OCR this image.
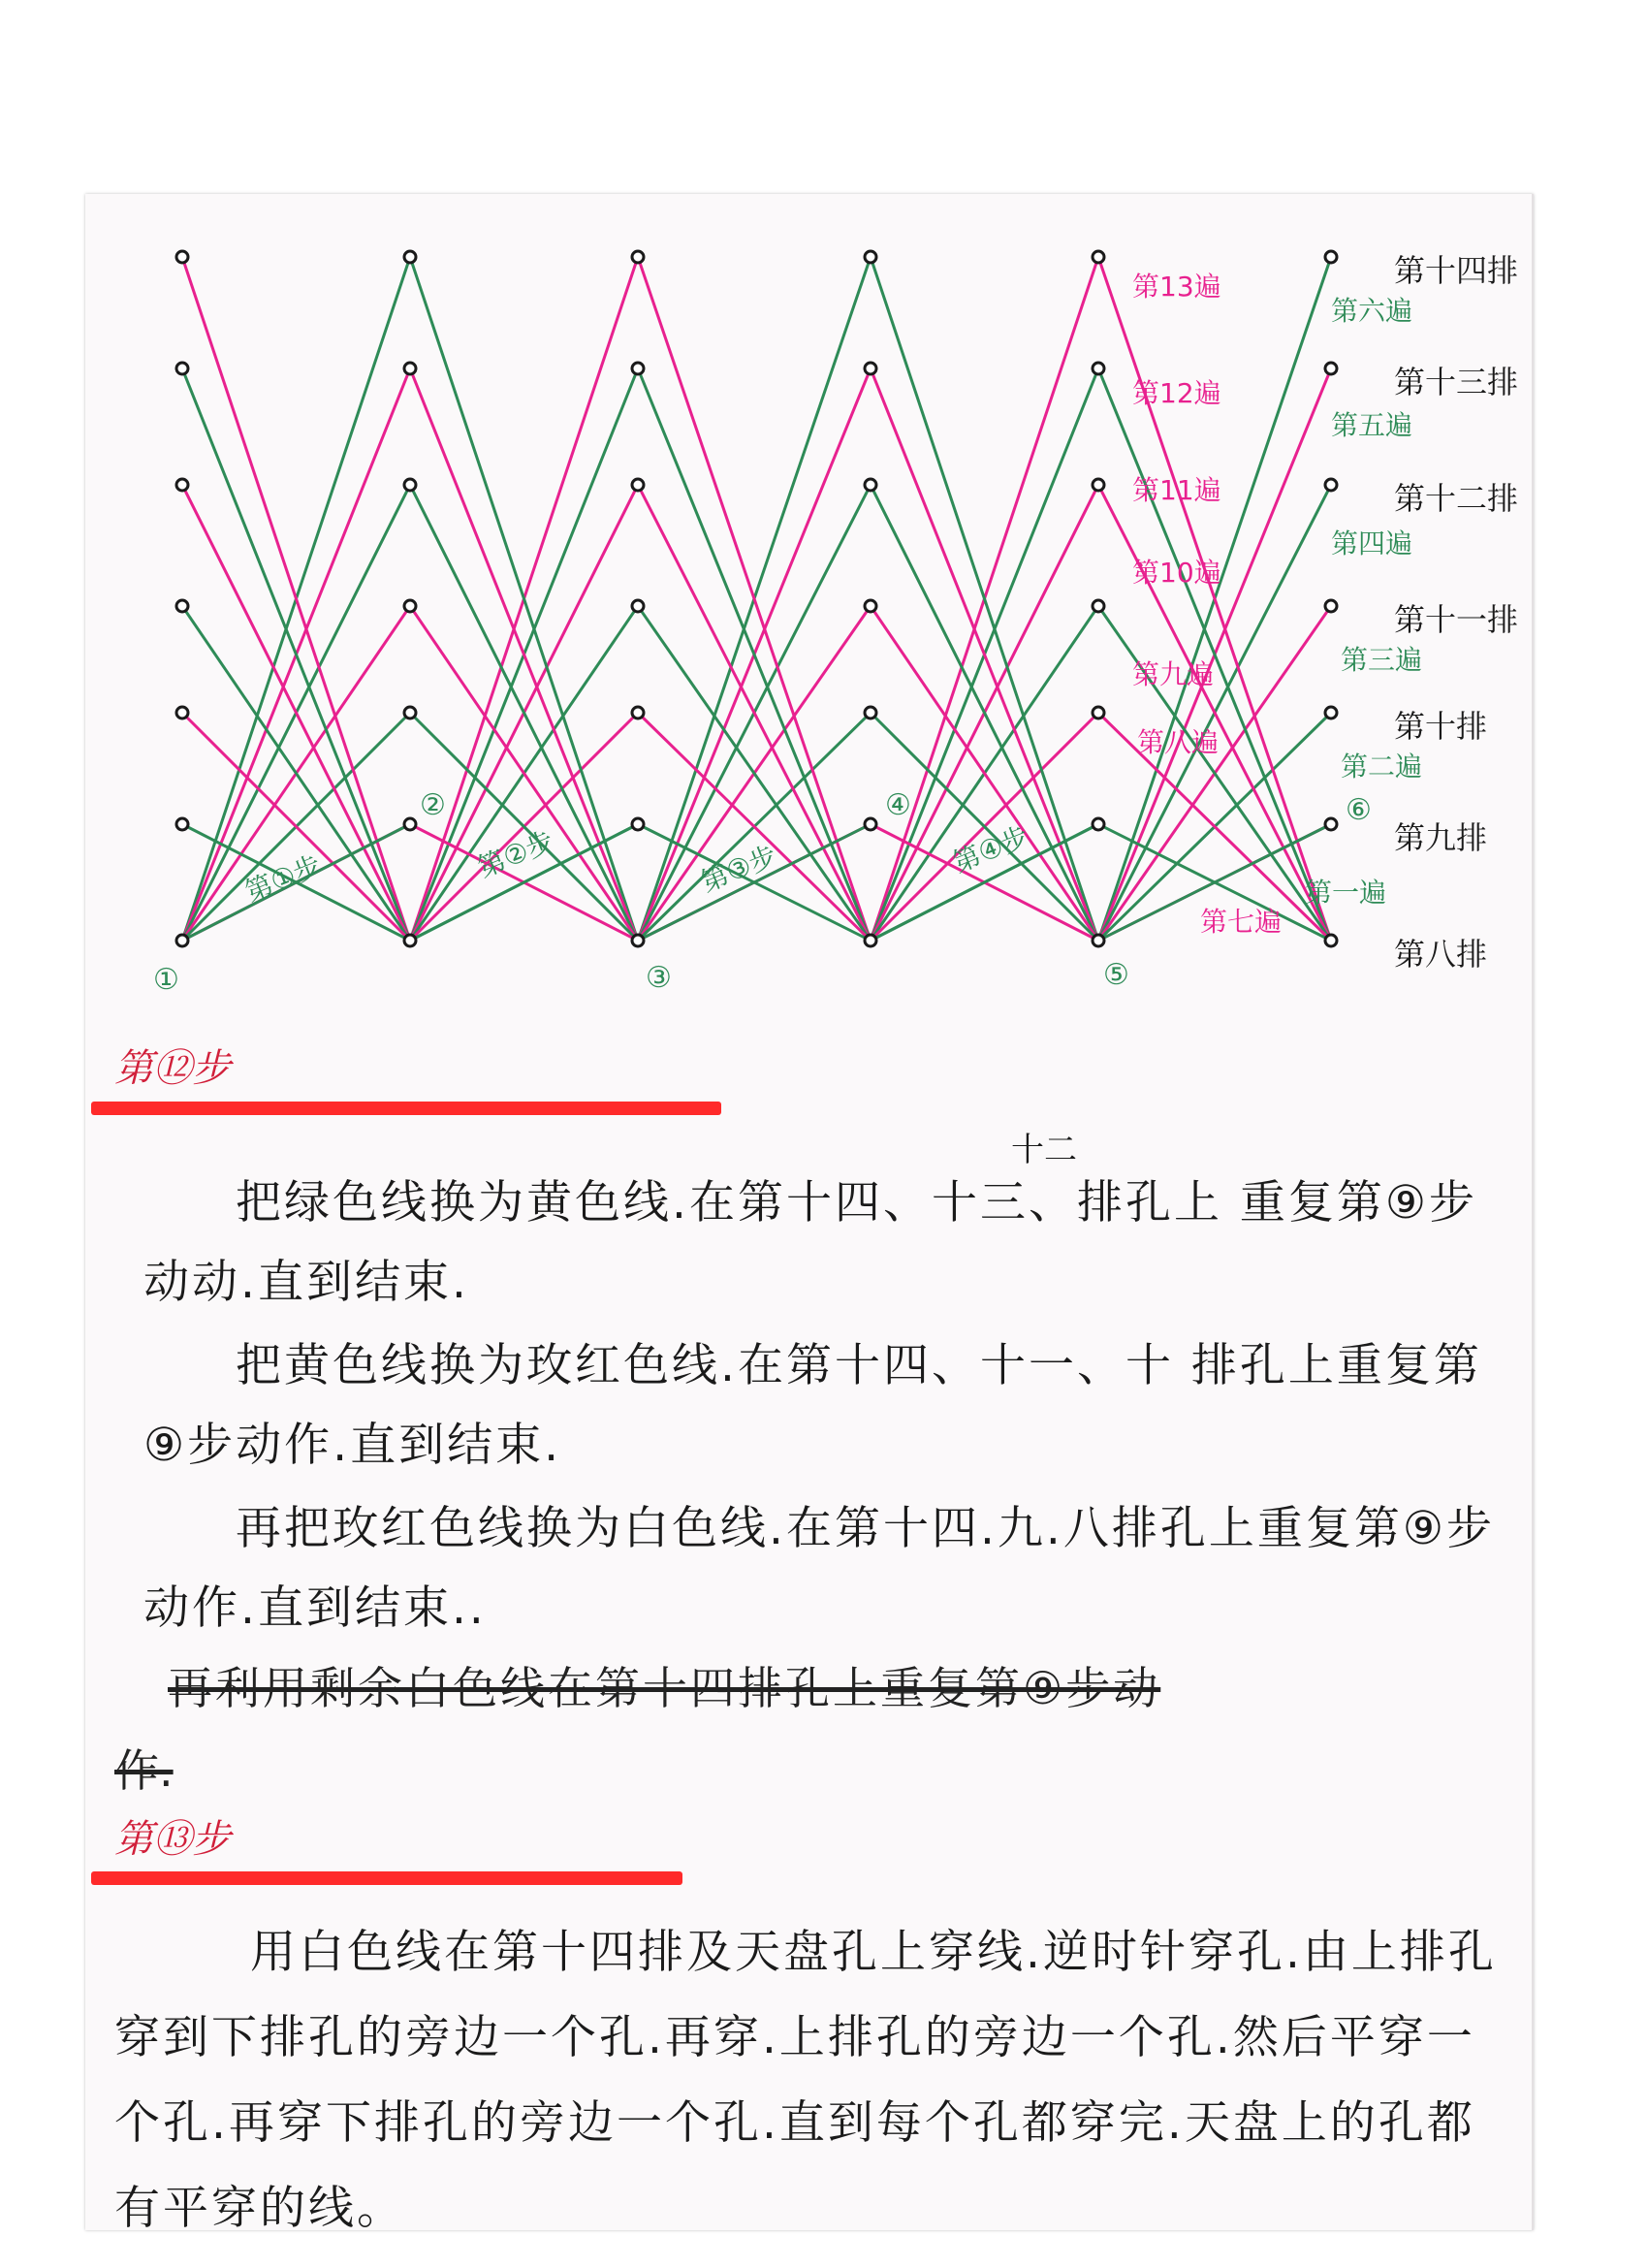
第十四排
第十三排
第十二排
第十一排
第十排
第九排
第八排
第一遍
第二遍
第三遍
第四遍
第五遍
第六遍
第七遍
第八遍
第九遍
第10遍
第11遍
第12遍
第13遍
第①步	第②步	第③步	第④步
①
②
③
④
⑤
⑥
第⑫步
十二

把绿色线换为黄色线.在第十四、十三、排孔上 重复第⑨步动动.直到结束.

把黄色线换为玫红色线.在第十四、十一、十 排孔上重复第⑨步动作.直到结束.

再把玫红色线换为白色线.在第十四.九.八排孔上重复第⑨步动作.直到结束..

再利用剩余白色线在第十四排孔上重复第⑨步动
作.
第⑬步

用白色线在第十四排及天盘孔上穿线.逆时针穿孔.由上排孔穿到下排孔的旁边一个孔.再穿.上排孔的旁边一个孔.然后平穿一个孔.再穿下排孔的旁边一个孔.直到每个孔都穿完.天盘上的孔都有平穿的线。
